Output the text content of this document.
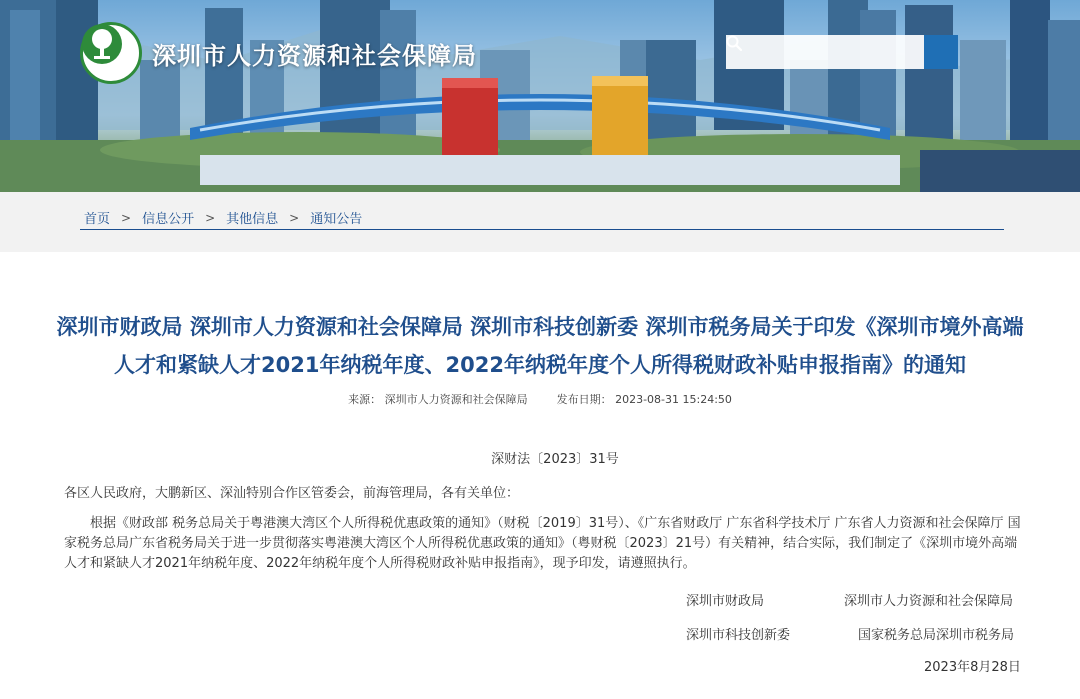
深圳市人力资源和社会保障局
首页 > 信息公开 > 其他信息 > 通知公告
深圳市财政局 深圳市人力资源和社会保障局 深圳市科技创新委 深圳市税务局关于印发《深圳市境外高端
人才和紧缺人才2021年纳税年度、2022年纳税年度个人所得税财政补贴申报指南》的通知
来源： 深圳市人力资源和社会保障局	发布日期： 2023-08-31 15:24:50
深财法〔2023〕31号
各区人民政府，大鹏新区、深汕特别合作区管委会，前海管理局，各有关单位：
根据《财政部 税务总局关于粤港澳大湾区个人所得税优惠政策的通知》（财税〔2019〕31号）、《广东省财政厅 广东省科学技术厅 广东省人力资源和社会保障厅 国家税务总局广东省税务局关于进一步贯彻落实粤港澳大湾区个人所得税优惠政策的通知》（粤财税〔2023〕21号）有关精神，结合实际，我们制定了《深圳市境外高端人才和紧缺人才2021年纳税年度、2022年纳税年度个人所得税财政补贴申报指南》，现予印发，请遵照执行。
深圳市财政局	深圳市人力资源和社会保障局
深圳市科技创新委	国家税务总局深圳市税务局
2023年8月28日
